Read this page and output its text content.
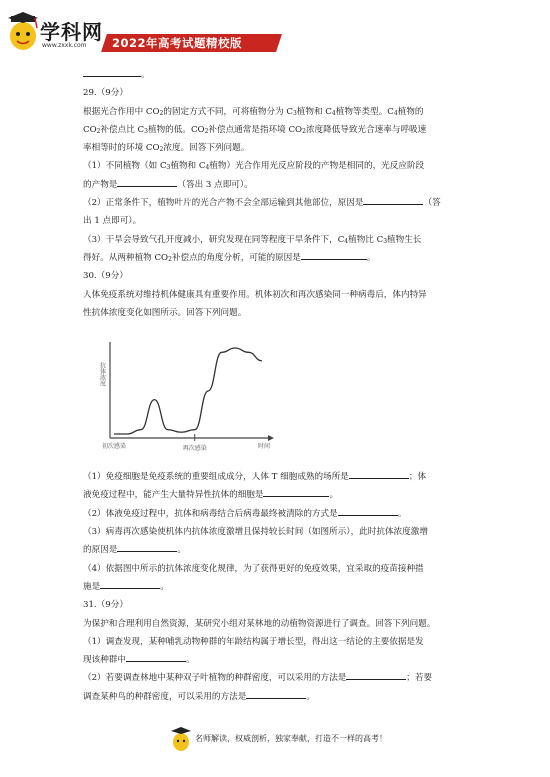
学科网
www.zxxk.com 2022年高考试题精校版
。
29.（9分）
根据光合作用中 $CO_2$的固定方式不同，可将植物分为 $C_3$植物和 $C_4$植物等类型。$C_4$植物的
$CO_2$补偿点比 $C_3$植物的低。$CO_2$补偿点通常是指环境 $CO_2$浓度降低导致光合速率与呼吸速
率相等时的环境 $CO_2$浓度。回答下列问题。
（1）不同植物（如 $C_3$植物和 $C_4$植物）光合作用光反应阶段的产物是相同的，光反应阶段
的产物是	（答出 3 点即可）。
（2）正常条件下，植物叶片的光合产物不会全部运输到其他部位，原因是	（答
出 1 点即可）。
（3）干旱会导致气孔开度减小，研究发现在同等程度干旱条件下，$C_4$植物比 $C_3$植物生长
得好。从两种植物 $CO_2$补偿点的角度分析，可能的原因是	。
30.（9分）
人体免疫系统对维持机体健康具有重要作用。机体初次和再次感染同一种病毒后，体内特异
性抗体浓度变化如图所示。回答下列问题。
（1）免疫细胞是免疫系统的重要组成成分，人体 T 细胞成熟的场所是	；体
液免疫过程中，能产生大量特异性抗体的细胞是	。
（2）体液免疫过程中，抗体和病毒结合后病毒最终被清除的方式是	。
（3）病毒再次感染使机体内抗体浓度激增且保持较长时间（如图所示），此时抗体浓度激增
的原因是	。
（4）依据图中所示的抗体浓度变化规律，为了获得更好的免疫效果，宜采取的疫苗接种措
施是	。
31.（9分）
为保护和合理利用自然资源，某研究小组对某林地的动植物资源进行了调查。回答下列问题。
（1）调查发现，某种哺乳动物种群的年龄结构属于增长型，得出这一结论的主要依据是发
现该种群中	。
（2）若要调查林地中某种双子叶植物的种群密度，可以采用的方法是	；若要
调查某种鸟的种群密度，可以采用的方法是	。
抗体浓度
时间
初次感染	再次感染
名师解读，权威剖析，独家奉献，打造不一样的高考！
